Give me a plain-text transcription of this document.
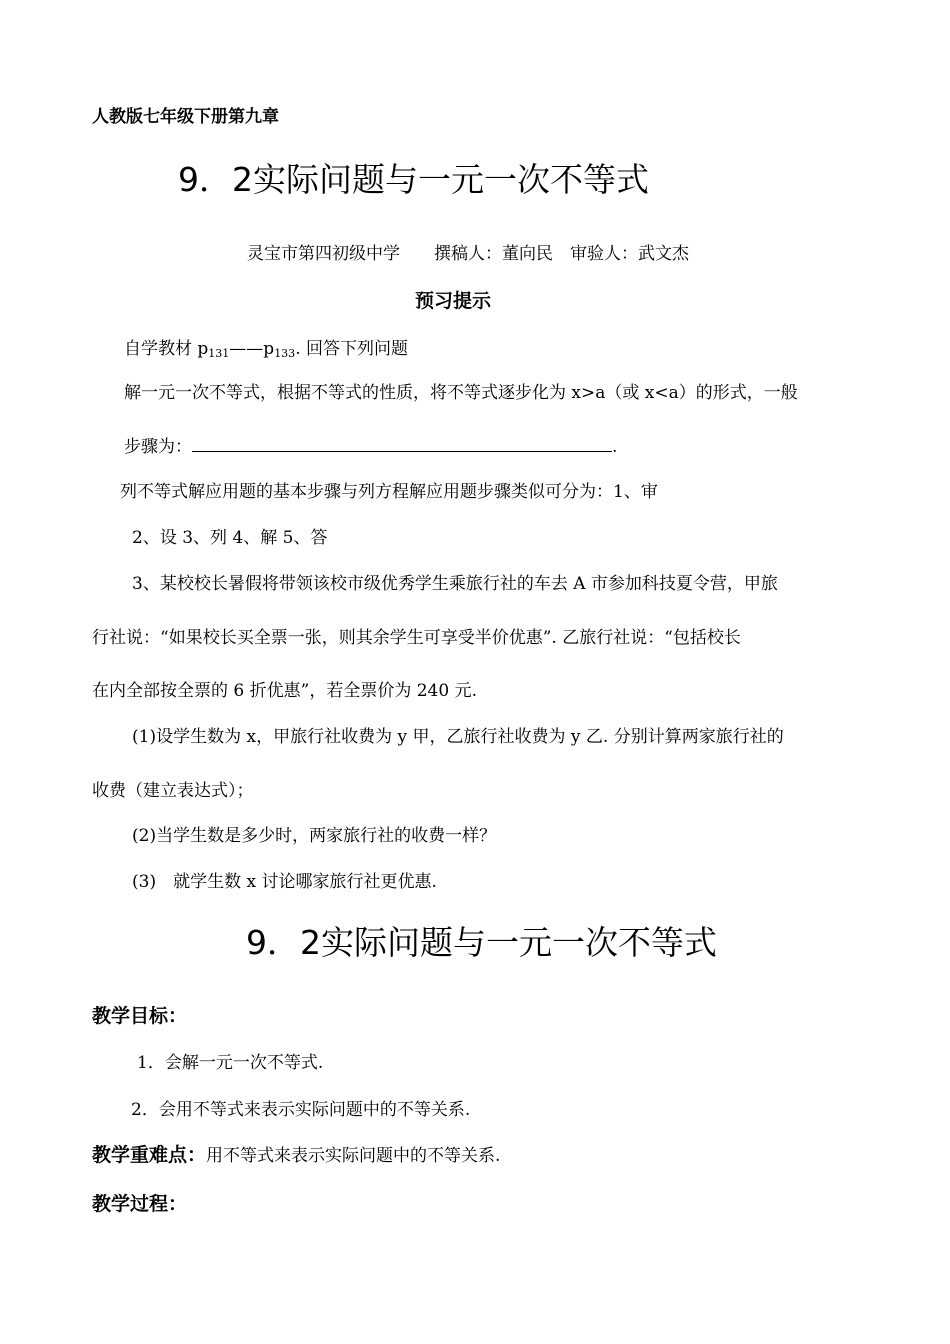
人教版七年级下册第九章
9．2实际问题与一元一次不等式
灵宝市第四初级中学　　撰稿人：董向民　审验人：武文杰
预习提示
自学教材 $p_{131}——p_{133}$. 回答下列问题
解一元一次不等式，根据不等式的性质，将不等式逐步化为 x>a（或 x<a）的形式，一般
步骤为：	.
列不等式解应用题的基本步骤与列方程解应用题步骤类似可分为：1、审
2、设 3、列 4、解 5、答
3、某校校长暑假将带领该校市级优秀学生乘旅行社的车去 A 市参加科技夏令营，甲旅
行社说：“如果校长买全票一张，则其余学生可享受半价优惠”. 乙旅行社说：“包括校长
在内全部按全票的 6 折优惠”，若全票价为 240 元.
(1)设学生数为 x，甲旅行社收费为 y 甲，乙旅行社收费为 y 乙. 分别计算两家旅行社的
收费（建立表达式）；
(2)当学生数是多少时，两家旅行社的收费一样？
(3)　就学生数 x 讨论哪家旅行社更优惠.
9．2实际问题与一元一次不等式
教学目标：
1．会解一元一次不等式.
2．会用不等式来表示实际问题中的不等关系.
教学重难点：用不等式来表示实际问题中的不等关系.
教学过程：
